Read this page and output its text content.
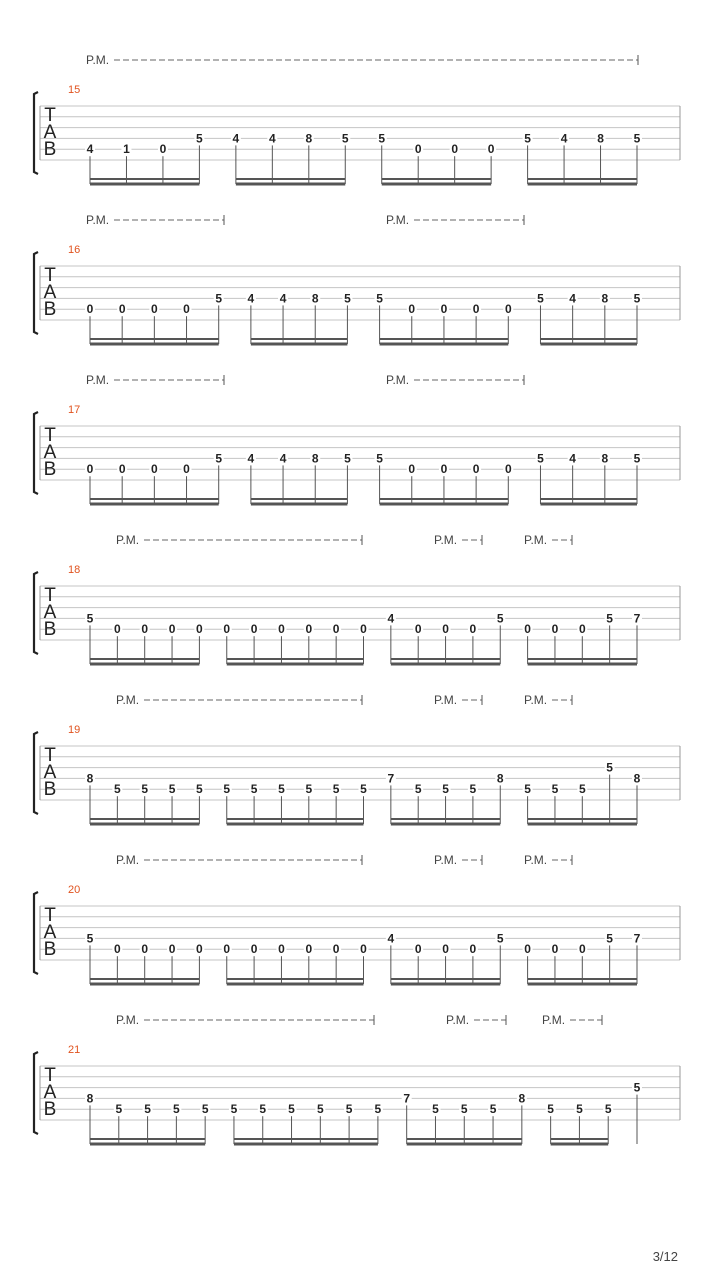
P.M.
15
T
A
B	4 1 0
5 4 4 8 5 5
0 0 0
5 4 8 5
P.M.	P.M.
16
T
A
B	0 0 0 0
5 4 4 8 5 5
0 0 0 0
5 4 8 5
P.M.	P.M.
17
T
A
B	0 0 0 0
5 4 4 8 5 5
0 0 0 0
5 4 8 5
P.M.	P.M.	P.M.
18
T
A
B
5
0 0 0 0 0 0 0 0 0 0
4
0 0 0
5
0 0 0
5 7
P.M.	P.M.	P.M.
19
T
A
B
8
5 5 5 5 5 5 5 5 5 5
7
5 5 5
8
5 5 5
5
8
P.M.	P.M.	P.M.
20
T
A
B
5
0 0 0 0 0 0 0 0 0 0
4
0 0 0
5
0 0 0
5 7
P.M.	P.M.	P.M.
21
T
A
B
8
5 5 5 5 5 5 5 5 5 5
7
5 5 5
8
5 5 5
5
3/12
